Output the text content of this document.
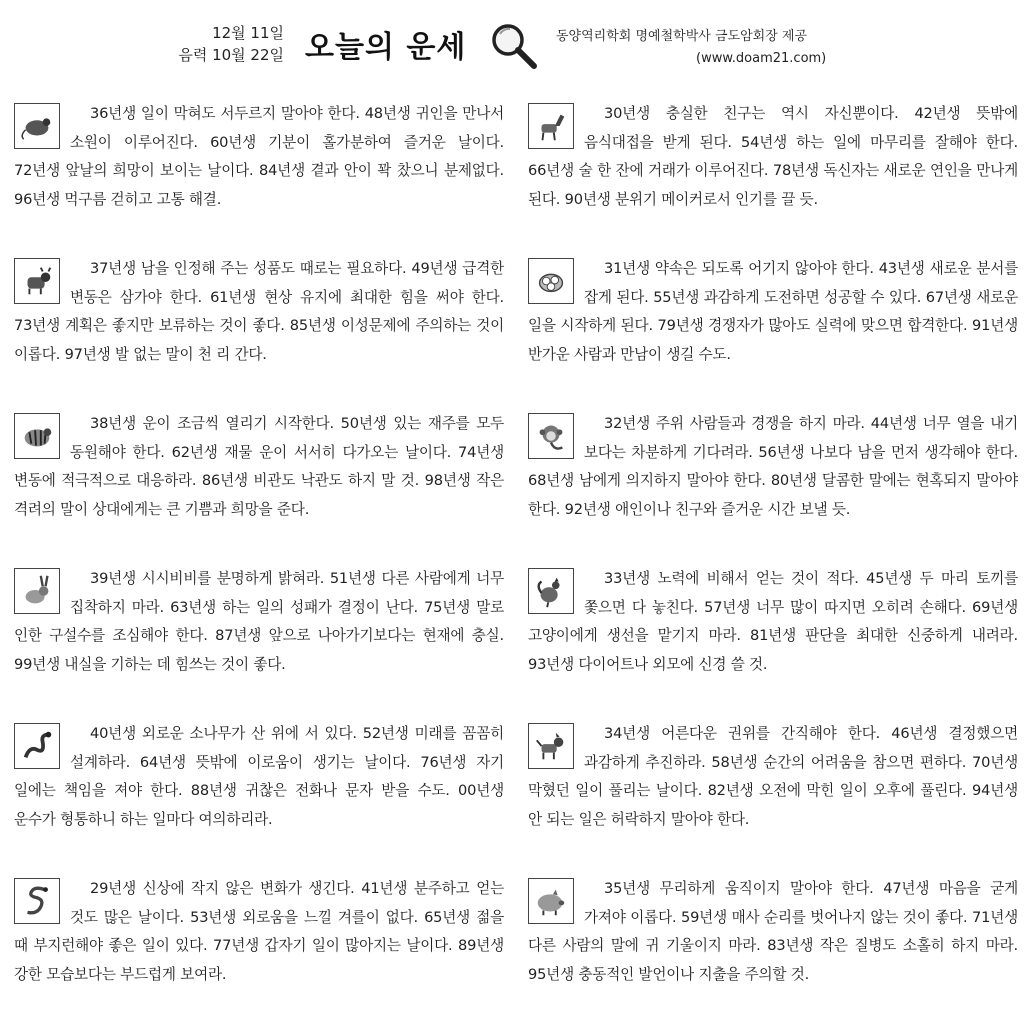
12월 11일
음력 10월 22일 오늘의 운세	동양역리학회 명예철학박사 금도암회장 제공
(www.doam21.com)
36년생 일이 막혀도 서두르지 말아야 한다. 48년생 귀인을 만나서 소원이 이루어진다. 60년생 기분이 홀가분하여 즐거운 날이다. 72년생 앞날의 희망이 보이는 날이다. 84년생 곁과 안이 꽉 찼으니 분제없다. 96년생 먹구름 걷히고 고통 해결.
37년생 남을 인정해 주는 성품도 때로는 필요하다. 49년생 급격한 변동은 삼가야 한다. 61년생 현상 유지에 최대한 힘을 써야 한다. 73년생 계획은 좋지만 보류하는 것이 좋다. 85년생 이성문제에 주의하는 것이 이롭다. 97년생 발 없는 말이 천 리 간다.
38년생 운이 조금씩 열리기 시작한다. 50년생 있는 재주를 모두 동원해야 한다. 62년생 재물 운이 서서히 다가오는 날이다. 74년생 변동에 적극적으로 대응하라. 86년생 비관도 낙관도 하지 말 것. 98년생 작은 격려의 말이 상대에게는 큰 기쁨과 희망을 준다.
39년생 시시비비를 분명하게 밝혀라. 51년생 다른 사람에게 너무 집착하지 마라. 63년생 하는 일의 성패가 결정이 난다. 75년생 말로 인한 구설수를 조심해야 한다. 87년생 앞으로 나아가기보다는 현재에 충실. 99년생 내실을 기하는 데 힘쓰는 것이 좋다.
40년생 외로운 소나무가 산 위에 서 있다. 52년생 미래를 꼼꼼히 설계하라. 64년생 뜻밖에 이로움이 생기는 날이다. 76년생 자기 일에는 책임을 져야 한다. 88년생 귀찮은 전화나 문자 받을 수도. 00년생 운수가 형통하니 하는 일마다 여의하리라.
29년생 신상에 작지 않은 변화가 생긴다. 41년생 분주하고 얻는 것도 많은 날이다. 53년생 외로움을 느낄 겨를이 없다. 65년생 젊을 때 부지런해야 좋은 일이 있다. 77년생 갑자기 일이 많아지는 날이다. 89년생 강한 모습보다는 부드럽게 보여라.
30년생 충실한 친구는 역시 자신뿐이다. 42년생 뜻밖에 음식대접을 받게 된다. 54년생 하는 일에 마무리를 잘해야 한다. 66년생 술 한 잔에 거래가 이루어진다. 78년생 독신자는 새로운 연인을 만나게 된다. 90년생 분위기 메이커로서 인기를 끌 듯.
31년생 약속은 되도록 어기지 않아야 한다. 43년생 새로운 분서를 잡게 된다. 55년생 과감하게 도전하면 성공할 수 있다. 67년생 새로운 일을 시작하게 된다. 79년생 경쟁자가 많아도 실력에 맞으면 합격한다. 91년생 반가운 사람과 만남이 생길 수도.
32년생 주위 사람들과 경쟁을 하지 마라. 44년생 너무 열을 내기 보다는 차분하게 기다려라. 56년생 나보다 남을 먼저 생각해야 한다. 68년생 남에게 의지하지 말아야 한다. 80년생 달콤한 말에는 현혹되지 말아야 한다. 92년생 애인이나 친구와 즐거운 시간 보낼 듯.
33년생 노력에 비해서 얻는 것이 적다. 45년생 두 마리 토끼를 쫓으면 다 놓친다. 57년생 너무 많이 따지면 오히려 손해다. 69년생 고양이에게 생선을 맡기지 마라. 81년생 판단을 최대한 신중하게 내려라. 93년생 다이어트나 외모에 신경 쓸 것.
34년생 어른다운 권위를 간직해야 한다. 46년생 결정했으면 과감하게 추진하라. 58년생 순간의 어려움을 참으면 편하다. 70년생 막혔던 일이 풀리는 날이다. 82년생 오전에 막힌 일이 오후에 풀린다. 94년생 안 되는 일은 허락하지 말아야 한다.
35년생 무리하게 움직이지 말아야 한다. 47년생 마음을 굳게 가져야 이롭다. 59년생 매사 순리를 벗어나지 않는 것이 좋다. 71년생 다른 사람의 말에 귀 기울이지 마라. 83년생 작은 질병도 소홀히 하지 마라. 95년생 충동적인 발언이나 지출을 주의할 것.
